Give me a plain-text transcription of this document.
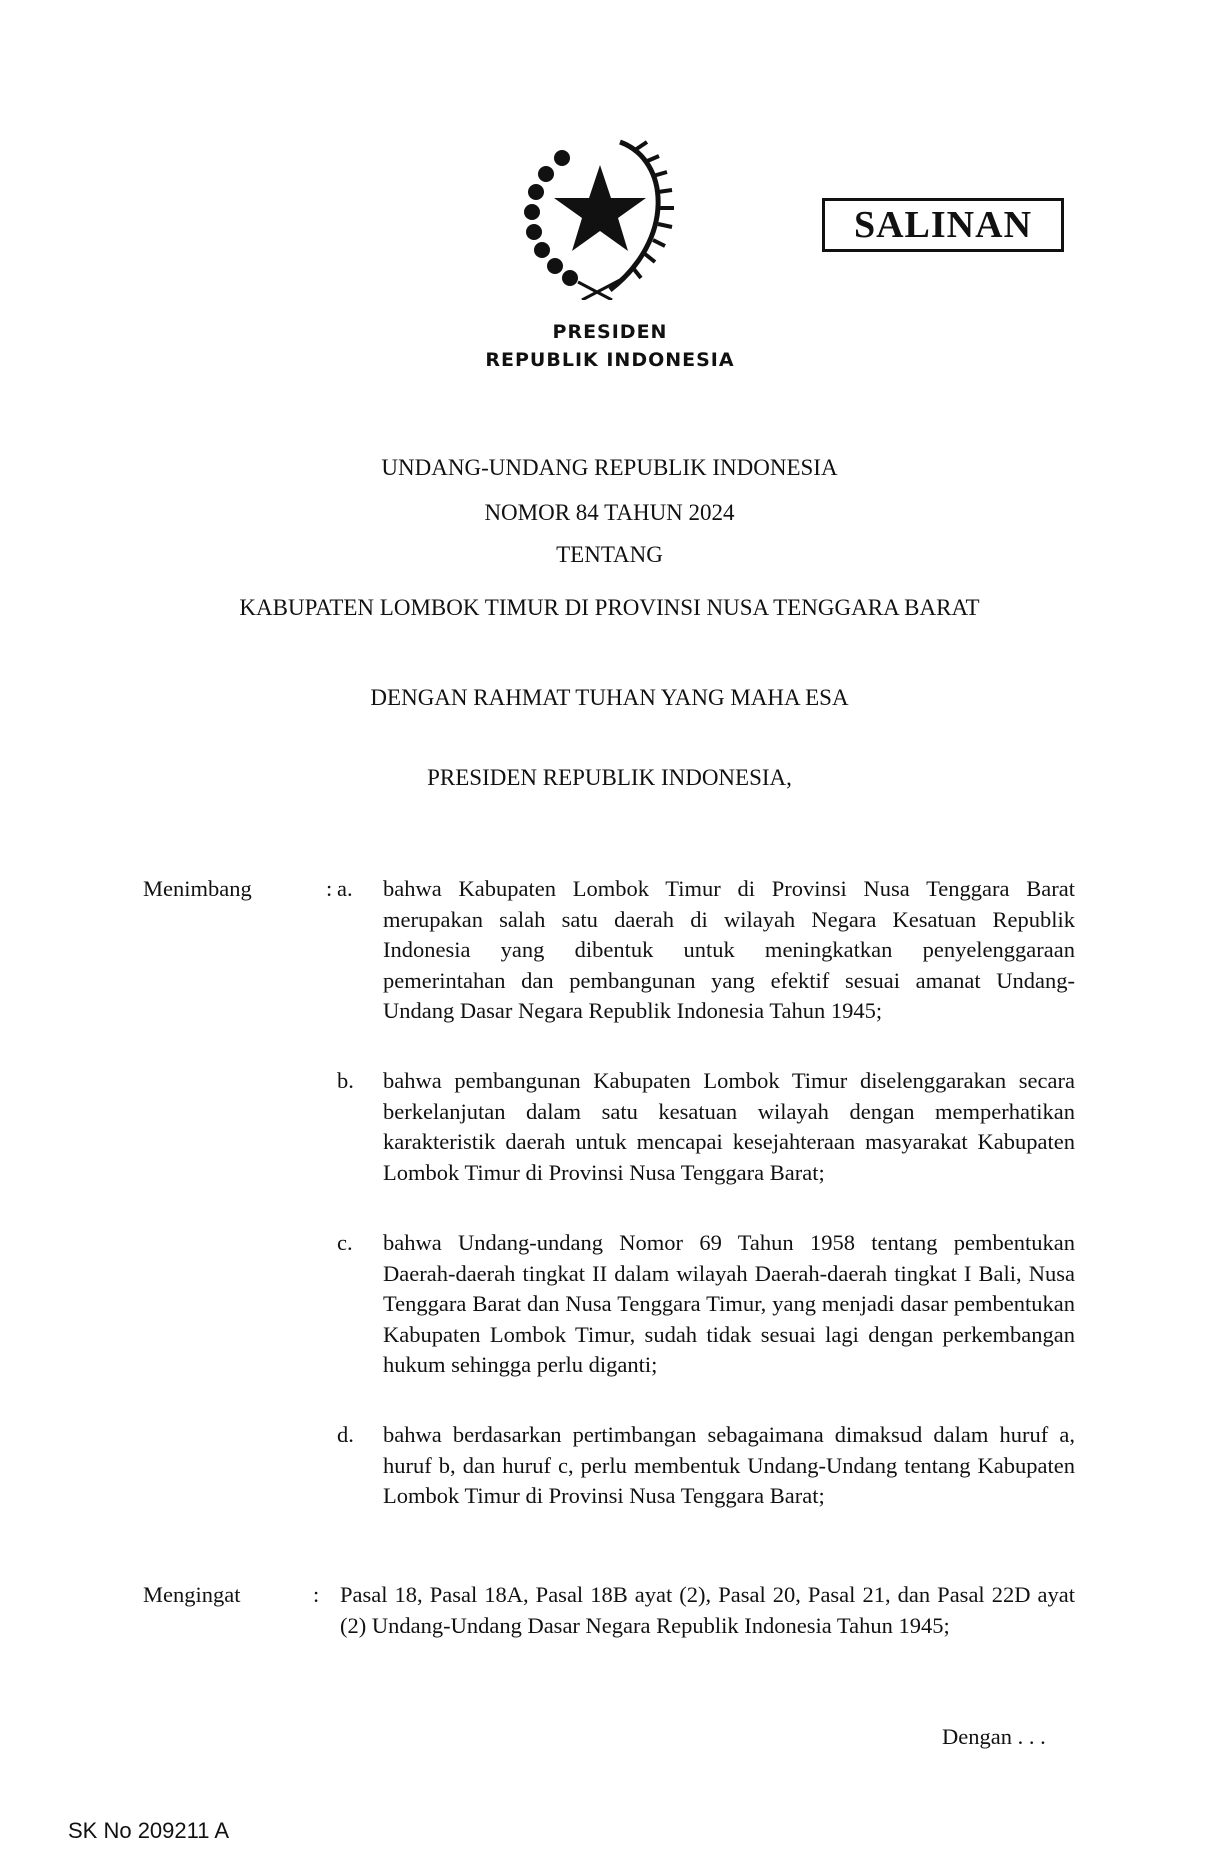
PRESIDEN
REPUBLIK INDONESIA
SALINAN
UNDANG-UNDANG REPUBLIK INDONESIA
NOMOR 84 TAHUN 2024
TENTANG
KABUPATEN LOMBOK TIMUR DI PROVINSI NUSA TENGGARA BARAT
DENGAN RAHMAT TUHAN YANG MAHA ESA
PRESIDEN REPUBLIK INDONESIA,
Menimbang	: a. bahwa Kabupaten Lombok Timur di Provinsi Nusa Tenggara Barat merupakan salah satu daerah di wilayah Negara Kesatuan Republik Indonesia yang dibentuk untuk meningkatkan penyelenggaraan pemerintahan dan pembangunan yang efektif sesuai amanat Undang-Undang Dasar Negara Republik Indonesia Tahun 1945;
b. bahwa pembangunan Kabupaten Lombok Timur diselenggarakan secara berkelanjutan dalam satu kesatuan wilayah dengan memperhatikan karakteristik daerah untuk mencapai kesejahteraan masyarakat Kabupaten Lombok Timur di Provinsi Nusa Tenggara Barat;
c. bahwa Undang-undang Nomor 69 Tahun 1958 tentang pembentukan Daerah-daerah tingkat II dalam wilayah Daerah-daerah tingkat I Bali, Nusa Tenggara Barat dan Nusa Tenggara Timur, yang menjadi dasar pembentukan Kabupaten Lombok Timur, sudah tidak sesuai lagi dengan perkembangan hukum sehingga perlu diganti;
d. bahwa berdasarkan pertimbangan sebagaimana dimaksud dalam huruf a, huruf b, dan huruf c, perlu membentuk Undang-Undang tentang Kabupaten Lombok Timur di Provinsi Nusa Tenggara Barat;
Mengingat	: Pasal 18, Pasal 18A, Pasal 18B ayat (2), Pasal 20, Pasal 21, dan Pasal 22D ayat (2) Undang-Undang Dasar Negara Republik Indonesia Tahun 1945;
Dengan . . .
SK No 209211 A
